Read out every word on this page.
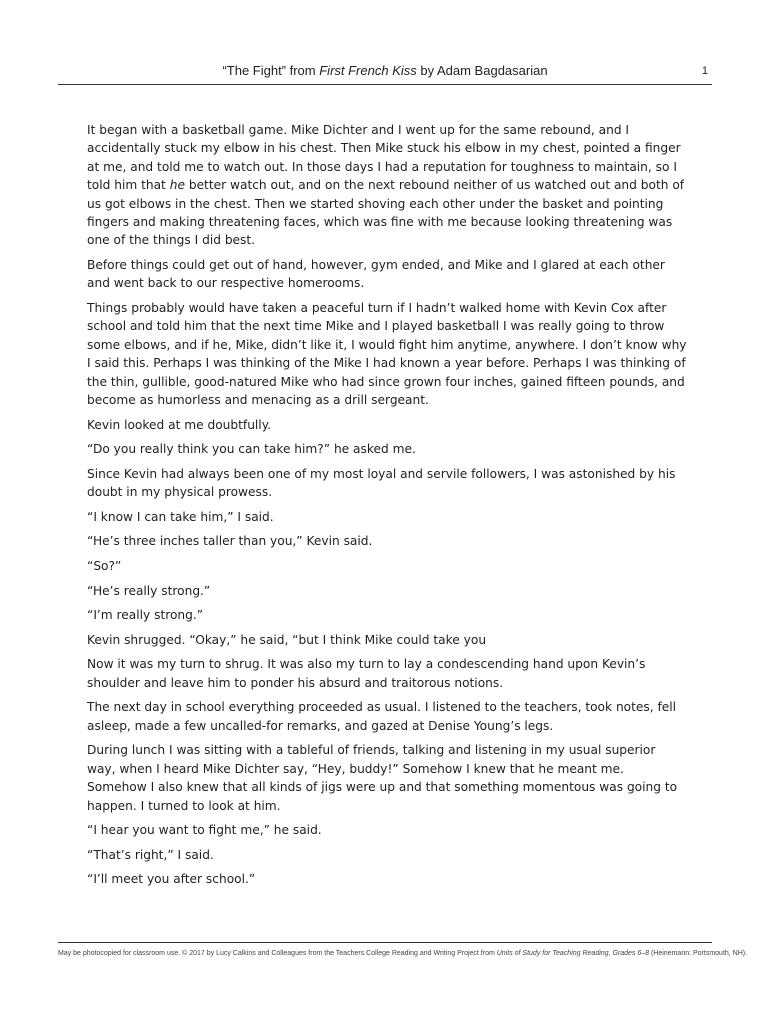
“The Fight” from First French Kiss by Adam Bagdasarian	1

It began with a basketball game. Mike Dichter and I went up for the same rebound, and I accidentally stuck my elbow in his chest. Then Mike stuck his elbow in my chest, pointed a finger at me, and told me to watch out. In those days I had a reputation for toughness to maintain, so I told him that he better watch out, and on the next rebound neither of us watched out and both of us got elbows in the chest. Then we started shoving each other under the basket and pointing fingers and making threatening faces, which was fine with me because looking threatening was one of the things I did best.

Before things could get out of hand, however, gym ended, and Mike and I glared at each other and went back to our respective homerooms.

Things probably would have taken a peaceful turn if I hadn’t walked home with Kevin Cox after school and told him that the next time Mike and I played basketball I was really going to throw some elbows, and if he, Mike, didn’t like it, I would fight him anytime, anywhere. I don’t know why I said this. Perhaps I was thinking of the Mike I had known a year before. Perhaps I was thinking of the thin, gullible, good-natured Mike who had since grown four inches, gained fifteen pounds, and become as humorless and menacing as a drill sergeant.

Kevin looked at me doubtfully.

“Do you really think you can take him?” he asked me.

Since Kevin had always been one of my most loyal and servile followers, I was astonished by his doubt in my physical prowess.

“I know I can take him,” I said.

“He’s three inches taller than you,” Kevin said.

“So?”

“He’s really strong.”

“I’m really strong.”

Kevin shrugged. “Okay,” he said, “but I think Mike could take you

Now it was my turn to shrug. It was also my turn to lay a condescending hand upon Kevin’s shoulder and leave him to ponder his absurd and traitorous notions.

The next day in school everything proceeded as usual. I listened to the teachers, took notes, fell asleep, made a few uncalled-for remarks, and gazed at Denise Young’s legs.

During lunch I was sitting with a tableful of friends, talking and listening in my usual superior way, when I heard Mike Dichter say, “Hey, buddy!” Somehow I knew that he meant me. Somehow I also knew that all kinds of jigs were up and that something momentous was going to happen. I turned to look at him.

“I hear you want to fight me,” he said.

“That’s right,” I said.

“I’ll meet you after school.”

May be photocopied for classroom use. © 2017 by Lucy Calkins and Colleagues from the Teachers College Reading and Writing Project from Units of Study for Teaching Reading, Grades 6–8 (Heinemann: Portsmouth, NH).
